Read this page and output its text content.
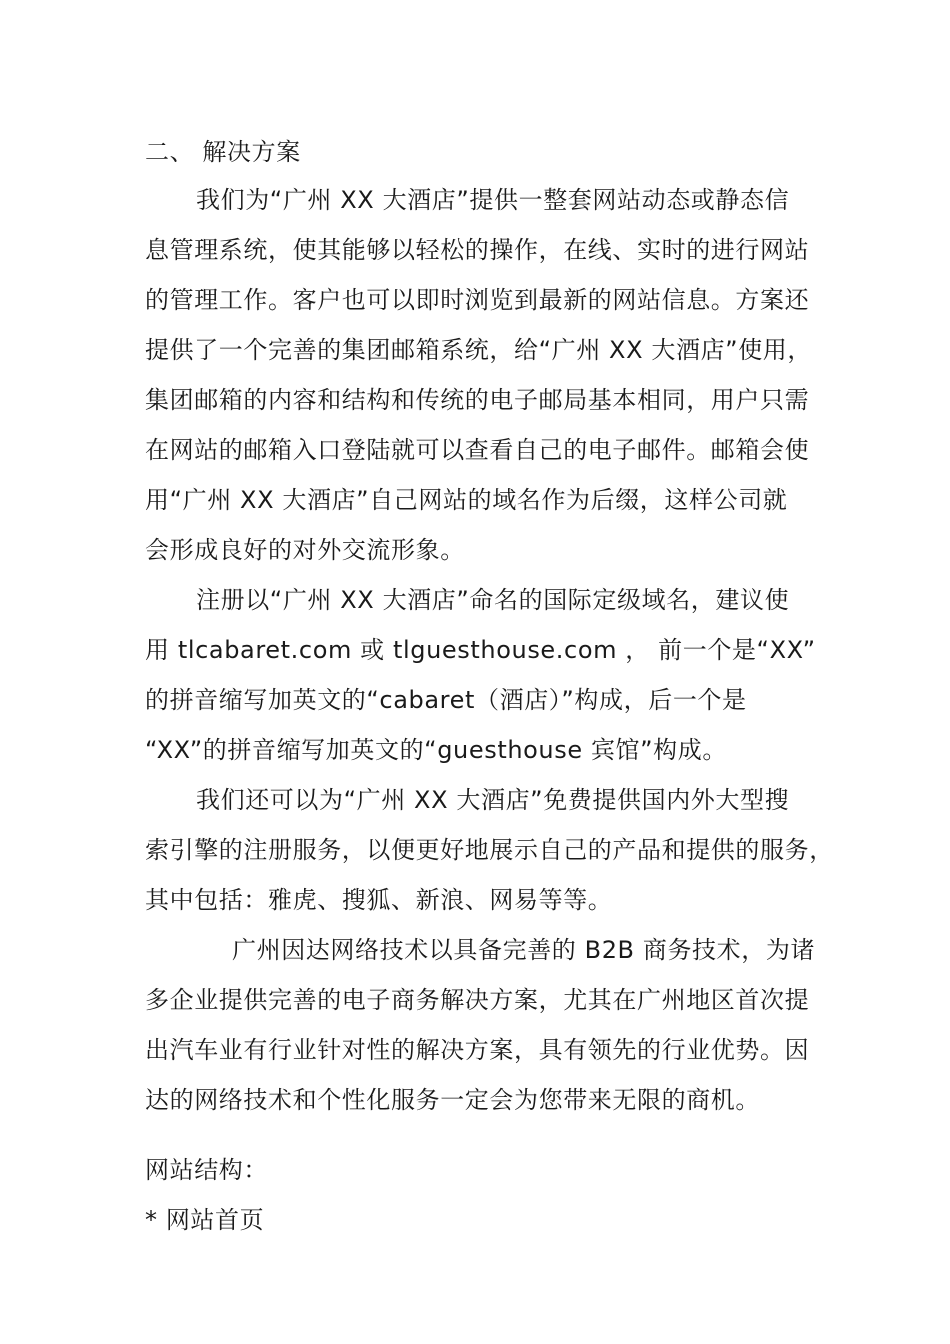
二、 解决方案
我们为“广州 XX 大酒店”提供一整套网站动态或静态信
息管理系统，使其能够以轻松的操作，在线、实时的进行网站
的管理工作。客户也可以即时浏览到最新的网站信息。方案还
提供了一个完善的集团邮箱系统，给“广州 XX 大酒店”使用，
集团邮箱的内容和结构和传统的电子邮局基本相同，用户只需
在网站的邮箱入口登陆就可以查看自己的电子邮件。邮箱会使
用“广州 XX 大酒店”自己网站的域名作为后缀，这样公司就
会形成良好的对外交流形象。
注册以“广州 XX 大酒店”命名的国际定级域名，建议使
用 tlcabaret.com 或 tlguesthouse.com ， 前一个是“XX”
的拼音缩写加英文的“cabaret（酒店）”构成，后一个是
“XX”的拼音缩写加英文的“guesthouse 宾馆”构成。
我们还可以为“广州 XX 大酒店”免费提供国内外大型搜
索引擎的注册服务，以便更好地展示自己的产品和提供的服务，
其中包括：雅虎、搜狐、新浪、网易等等。
广州因达网络技术以具备完善的 B2B 商务技术，为诸
多企业提供完善的电子商务解决方案，尤其在广州地区首次提
出汽车业有行业针对性的解决方案，具有领先的行业优势。因
达的网络技术和个性化服务一定会为您带来无限的商机。
网站结构：
* 网站首页
